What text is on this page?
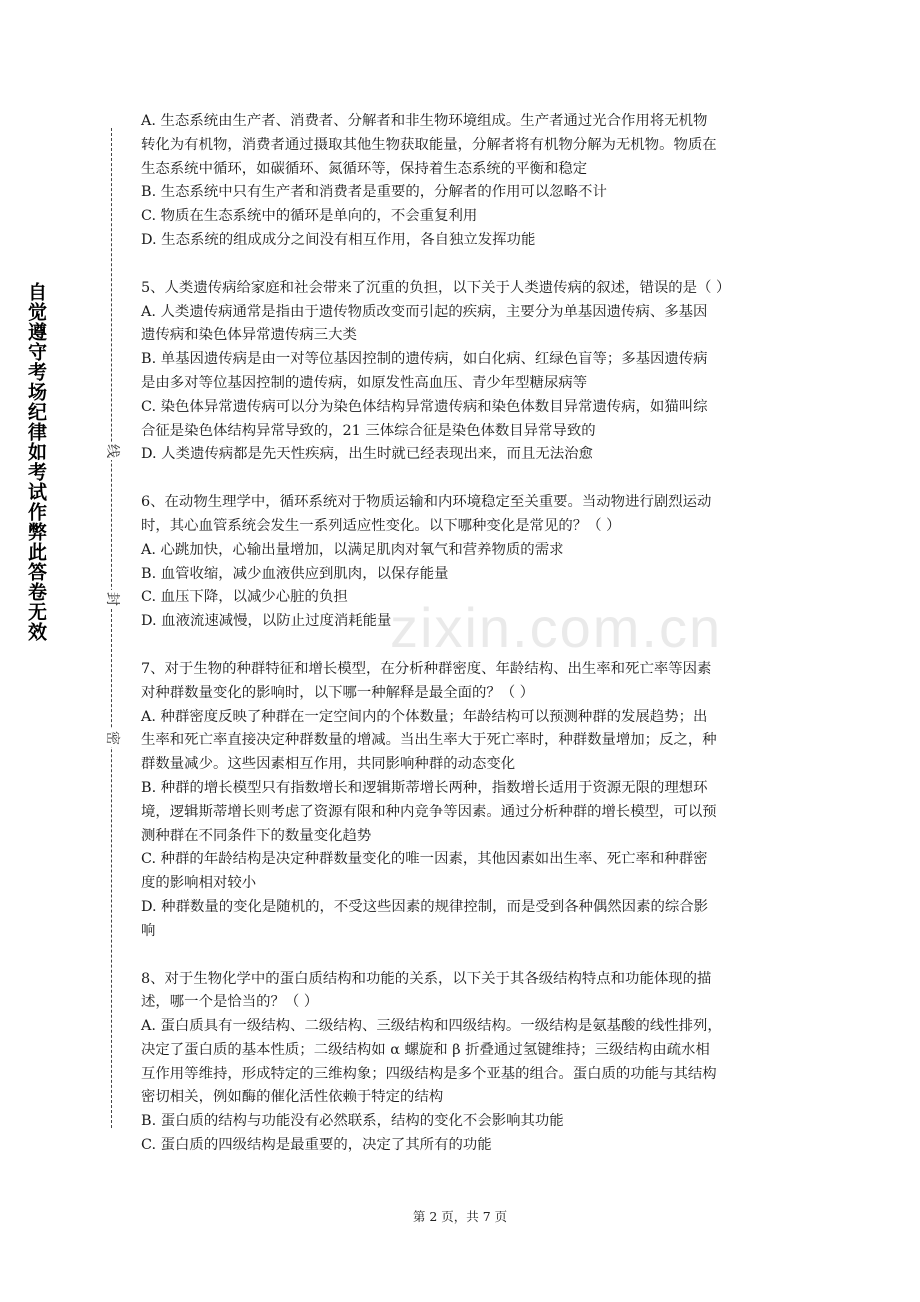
自觉遵守考场纪律如考试作弊此答卷无效	线
封
密
zixin.com.cn
A. 生态系统由生产者、消费者、分解者和非生物环境组成。生产者通过光合作用将无机物
转化为有机物，消费者通过摄取其他生物获取能量，分解者将有机物分解为无机物。物质在
生态系统中循环，如碳循环、氮循环等，保持着生态系统的平衡和稳定
B. 生态系统中只有生产者和消费者是重要的，分解者的作用可以忽略不计
C. 物质在生态系统中的循环是单向的，不会重复利用
D. 生态系统的组成成分之间没有相互作用，各自独立发挥功能
5、人类遗传病给家庭和社会带来了沉重的负担，以下关于人类遗传病的叙述，错误的是（ ）
A. 人类遗传病通常是指由于遗传物质改变而引起的疾病，主要分为单基因遗传病、多基因
遗传病和染色体异常遗传病三大类
B. 单基因遗传病是由一对等位基因控制的遗传病，如白化病、红绿色盲等；多基因遗传病
是由多对等位基因控制的遗传病，如原发性高血压、青少年型糖尿病等
C. 染色体异常遗传病可以分为染色体结构异常遗传病和染色体数目异常遗传病，如猫叫综
合征是染色体结构异常导致的，21 三体综合征是染色体数目异常导致的
D. 人类遗传病都是先天性疾病，出生时就已经表现出来，而且无法治愈
6、在动物生理学中，循环系统对于物质运输和内环境稳定至关重要。当动物进行剧烈运动
时，其心血管系统会发生一系列适应性变化。以下哪种变化是常见的？（ ）
A. 心跳加快，心输出量增加，以满足肌肉对氧气和营养物质的需求
B. 血管收缩，减少血液供应到肌肉，以保存能量
C. 血压下降，以减少心脏的负担
D. 血液流速减慢，以防止过度消耗能量
7、对于生物的种群特征和增长模型，在分析种群密度、年龄结构、出生率和死亡率等因素
对种群数量变化的影响时，以下哪一种解释是最全面的？（ ）
A. 种群密度反映了种群在一定空间内的个体数量；年龄结构可以预测种群的发展趋势；出
生率和死亡率直接决定种群数量的增减。当出生率大于死亡率时，种群数量增加；反之，种
群数量减少。这些因素相互作用，共同影响种群的动态变化
B. 种群的增长模型只有指数增长和逻辑斯蒂增长两种，指数增长适用于资源无限的理想环
境，逻辑斯蒂增长则考虑了资源有限和种内竞争等因素。通过分析种群的增长模型，可以预
测种群在不同条件下的数量变化趋势
C. 种群的年龄结构是决定种群数量变化的唯一因素，其他因素如出生率、死亡率和种群密
度的影响相对较小
D. 种群数量的变化是随机的，不受这些因素的规律控制，而是受到各种偶然因素的综合影
响
8、对于生物化学中的蛋白质结构和功能的关系，以下关于其各级结构特点和功能体现的描
述，哪一个是恰当的？（ ）
A. 蛋白质具有一级结构、二级结构、三级结构和四级结构。一级结构是氨基酸的线性排列，
决定了蛋白质的基本性质；二级结构如 α 螺旋和 β 折叠通过氢键维持；三级结构由疏水相
互作用等维持，形成特定的三维构象；四级结构是多个亚基的组合。蛋白质的功能与其结构
密切相关，例如酶的催化活性依赖于特定的结构
B. 蛋白质的结构与功能没有必然联系，结构的变化不会影响其功能
C. 蛋白质的四级结构是最重要的，决定了其所有的功能
第 2 页，共 7 页
